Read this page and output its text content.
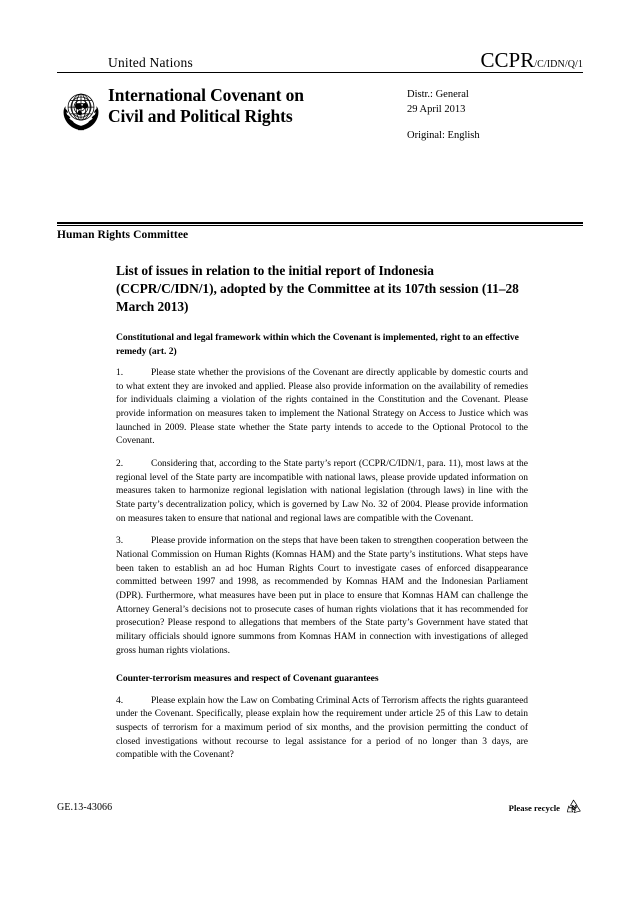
United Nations	CCPR/C/IDN/Q/1
International Covenant on
Civil and Political Rights
Distr.: General
29 April 2013
Original: English
Human Rights Committee
List of issues in relation to the initial report of Indonesia (CCPR/C/IDN/1), adopted by the Committee at its 107th session (11–28 March 2013)
Constitutional and legal framework within which the Covenant is implemented, right to an effective remedy (art. 2)
1.	Please state whether the provisions of the Covenant are directly applicable by domestic courts and to what extent they are invoked and applied. Please also provide information on the availability of remedies for individuals claiming a violation of the rights contained in the Constitution and the Covenant. Please provide information on measures taken to implement the National Strategy on Access to Justice which was launched in 2009. Please state whether the State party intends to accede to the Optional Protocol to the Covenant.
2.	Considering that, according to the State party’s report (CCPR/C/IDN/1, para. 11), most laws at the regional level of the State party are incompatible with national laws, please provide updated information on measures taken to harmonize regional legislation with national legislation (through laws) in line with the State party’s decentralization policy, which is governed by Law No. 32 of 2004. Please provide information on measures taken to ensure that national and regional laws are compatible with the Covenant.
3.	Please provide information on the steps that have been taken to strengthen cooperation between the National Commission on Human Rights (Komnas HAM) and the State party’s institutions. What steps have been taken to establish an ad hoc Human Rights Court to investigate cases of enforced disappearance committed between 1997 and 1998, as recommended by Komnas HAM and the Indonesian Parliament (DPR). Furthermore, what measures have been put in place to ensure that Komnas HAM can challenge the Attorney General’s decisions not to prosecute cases of human rights violations that it has recommended for prosecution? Please respond to allegations that members of the State party’s Government have stated that military officials should ignore summons from Komnas HAM in connection with investigations of alleged gross human rights violations.
Counter-terrorism measures and respect of Covenant guarantees
4.	Please explain how the Law on Combating Criminal Acts of Terrorism affects the rights guaranteed under the Covenant. Specifically, please explain how the requirement under article 25 of this Law to detain suspects of terrorism for a maximum period of six months, and the provision permitting the conduct of closed investigations without recourse to legal assistance for a period of no longer than 3 days, are compatible with the Covenant?
GE.13-43066	Please recycle
